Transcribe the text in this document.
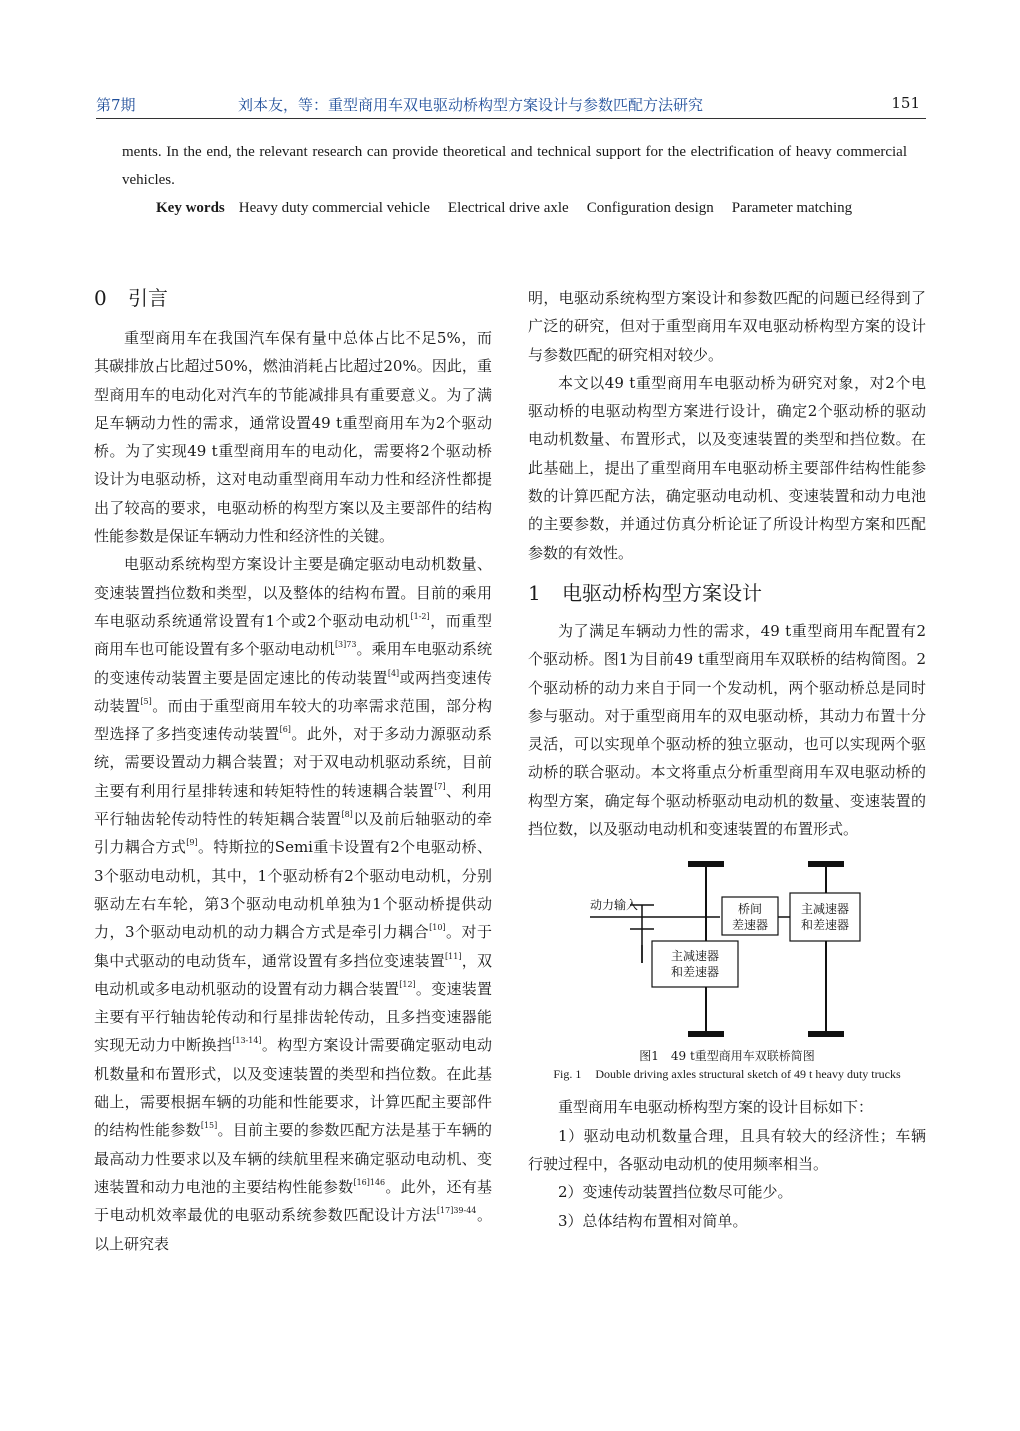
第7期	刘本友，等：重型商用车双电驱动桥构型方案设计与参数匹配方法研究	151
ments. In the end, the relevant research can provide theoretical and technical support for the electrification of heavy commercial vehicles.
Key words Heavy duty commercial vehicle Electrical drive axle Configuration design Parameter matching
0 引言

重型商用车在我国汽车保有量中总体占比不足5%，而其碳排放占比超过50%，燃油消耗占比超过20%。因此，重型商用车的电动化对汽车的节能减排具有重要意义。为了满足车辆动力性的需求，通常设置49 t重型商用车为2个驱动桥。为了实现49 t重型商用车的电动化，需要将2个驱动桥设计为电驱动桥，这对电动重型商用车动力性和经济性都提出了较高的要求，电驱动桥的构型方案以及主要部件的结构性能参数是保证车辆动力性和经济性的关键。

电驱动系统构型方案设计主要是确定驱动电动机数量、变速装置挡位数和类型，以及整体的结构布置。目前的乘用车电驱动系统通常设置有1个或2个驱动电动机[1-2]，而重型商用车也可能设置有多个驱动电动机$^{[3]73}$。乘用车电驱动系统的变速传动装置主要是固定速比的传动装置[4]或两挡变速传动装置[5]。而由于重型商用车较大的功率需求范围，部分构型选择了多挡变速传动装置[6]。此外，对于多动力源驱动系统，需要设置动力耦合装置；对于双电动机驱动系统，目前主要有利用行星排转速和转矩特性的转速耦合装置[7]、利用平行轴齿轮传动特性的转矩耦合装置[8]以及前后轴驱动的牵引力耦合方式[9]。特斯拉的Semi重卡设置有2个电驱动桥、3个驱动电动机，其中，1个驱动桥有2个驱动电动机，分别驱动左右车轮，第3个驱动电动机单独为1个驱动桥提供动力，3个驱动电动机的动力耦合方式是牵引力耦合[10]。对于集中式驱动的电动货车，通常设置有多挡位变速装置[11]，双电动机或多电动机驱动的设置有动力耦合装置[12]。变速装置主要有平行轴齿轮传动和行星排齿轮传动，且多挡变速器能实现无动力中断换挡[13-14]。构型方案设计需要确定驱动电动机数量和布置形式，以及变速装置的类型和挡位数。在此基础上，需要根据车辆的功能和性能要求，计算匹配主要部件的结构性能参数[15]。目前主要的参数匹配方法是基于车辆的最高动力性要求以及车辆的续航里程来确定驱动电动机、变速装置和动力电池的主要结构性能参数$^{[16]146}$。此外，还有基于电动机效率最优的电驱动系统参数匹配设计方法$^{[17]39-44}$。以上研究表

明，电驱动系统构型方案设计和参数匹配的问题已经得到了广泛的研究，但对于重型商用车双电驱动桥构型方案的设计与参数匹配的研究相对较少。

本文以49 t重型商用车电驱动桥为研究对象，对2个电驱动桥的电驱动构型方案进行设计，确定2个驱动桥的驱动电动机数量、布置形式，以及变速装置的类型和挡位数。在此基础上，提出了重型商用车电驱动桥主要部件结构性能参数的计算匹配方法，确定驱动电动机、变速装置和动力电池的主要参数，并通过仿真分析论证了所设计构型方案和匹配参数的有效性。

1 电驱动桥构型方案设计

为了满足车辆动力性的需求，49 t重型商用车配置有2个驱动桥。图1为目前49 t重型商用车双联桥的结构简图。2个驱动桥的动力来自于同一个发动机，两个驱动桥总是同时参与驱动。对于重型商用车的双电驱动桥，其动力布置十分灵活，可以实现单个驱动桥的独立驱动，也可以实现两个驱动桥的联合驱动。本文将重点分析重型商用车双电驱动桥的构型方案，确定每个驱动桥驱动电动机的数量、变速装置的挡位数，以及驱动电动机和变速装置的布置形式。

动力输入	桥间
差速器
主减速器
和差速器
主减速器
和差速器
图1　49 t重型商用车双联桥简图
Fig. 1 Double driving axles structural sketch of 49 t heavy duty trucks

重型商用车电驱动桥构型方案的设计目标如下：

1）驱动电动机数量合理，且具有较大的经济性；车辆行驶过程中，各驱动电动机的使用频率相当。

2）变速传动装置挡位数尽可能少。

3）总体结构布置相对简单。
